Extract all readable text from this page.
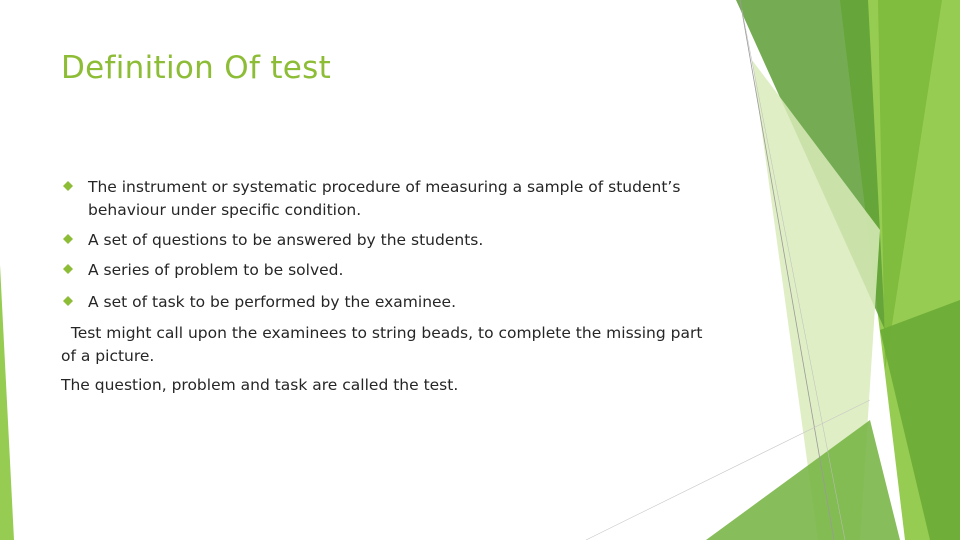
Definition Of test
The instrument or systematic procedure of measuring a sample of student’s behaviour under specific condition.
A set of questions to be answered by the students.
A series of problem to be solved.
A set of task to be performed by the examinee.
Test might call upon the examinees to string beads, to complete the missing part of a picture.
The question, problem and task are called the test.
